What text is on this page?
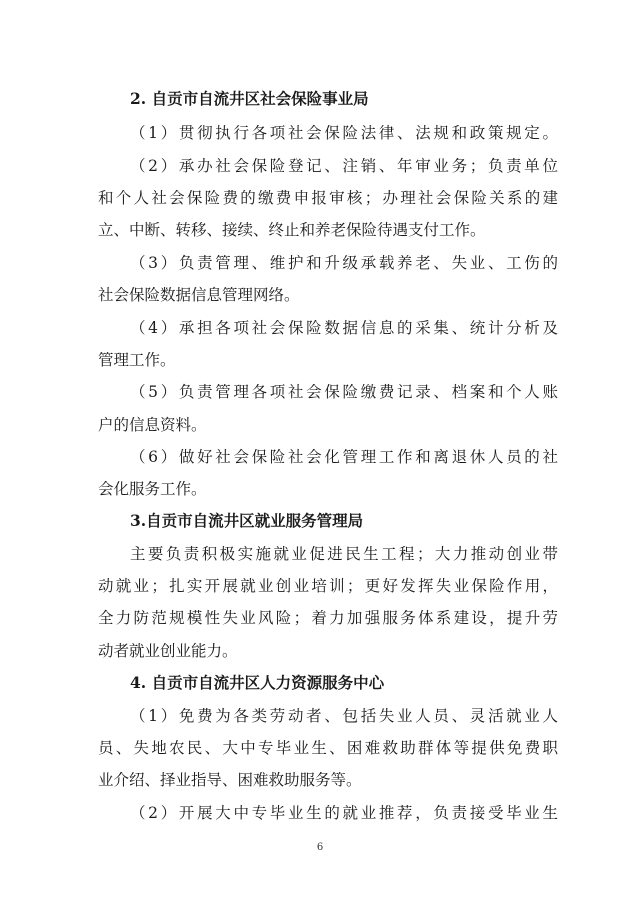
2. 自贡市自流井区社会保险事业局
（1）贯彻执行各项社会保险法律、法规和政策规定。
（2）承办社会保险登记、注销、年审业务；负责单位
和个人社会保险费的缴费申报审核；办理社会保险关系的建
立、中断、转移、接续、终止和养老保险待遇支付工作。
（3）负责管理、维护和升级承载养老、失业、工伤的
社会保险数据信息管理网络。
（4）承担各项社会保险数据信息的采集、统计分析及
管理工作。
（5）负责管理各项社会保险缴费记录、档案和个人账
户的信息资料。
（6）做好社会保险社会化管理工作和离退休人员的社
会化服务工作。
3.自贡市自流井区就业服务管理局
主要负责积极实施就业促进民生工程；大力推动创业带
动就业；扎实开展就业创业培训；更好发挥失业保险作用，
全力防范规模性失业风险；着力加强服务体系建设，提升劳
动者就业创业能力。
4. 自贡市自流井区人力资源服务中心
（1）免费为各类劳动者、包括失业人员、灵活就业人
员、失地农民、大中专毕业生、困难救助群体等提供免费职
业介绍、择业指导、困难救助服务等。
（2）开展大中专毕业生的就业推荐，负责接受毕业生
6
